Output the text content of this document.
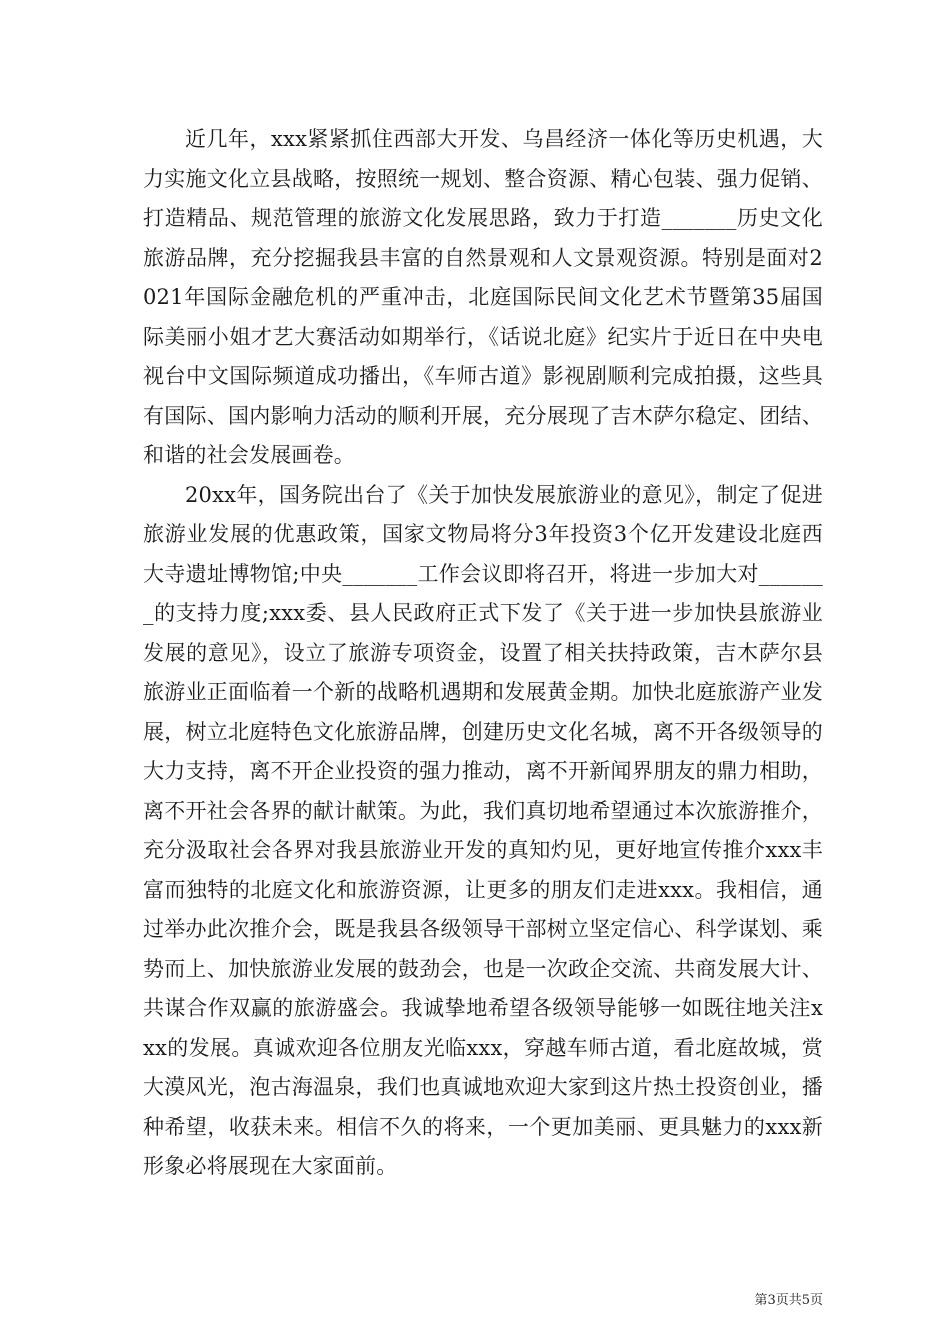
近几年，xxx紧紧抓住西部大开发、乌昌经济一体化等历史机遇，大力实施文化立县战略，按照统一规划、整合资源、精心包装、强力促销、打造精品、规范管理的旅游文化发展思路，致力于打造_______历史文化旅游品牌，充分挖掘我县丰富的自然景观和人文景观资源。特别是面对2021年国际金融危机的严重冲击，北庭国际民间文化艺术节暨第35届国际美丽小姐才艺大赛活动如期举行，《话说北庭》纪实片于近日在中央电视台中文国际频道成功播出，《车师古道》影视剧顺利完成拍摄，这些具有国际、国内影响力活动的顺利开展，充分展现了吉木萨尔稳定、团结、和谐的社会发展画卷。

20xx年，国务院出台了《关于加快发展旅游业的意见》，制定了促进旅游业发展的优惠政策，国家文物局将分3年投资3个亿开发建设北庭西大寺遗址博物馆;中央_______工作会议即将召开，将进一步加大对_______的支持力度;xxx委、县人民政府正式下发了《关于进一步加快县旅游业发展的意见》，设立了旅游专项资金，设置了相关扶持政策，吉木萨尔县旅游业正面临着一个新的战略机遇期和发展黄金期。加快北庭旅游产业发展，树立北庭特色文化旅游品牌，创建历史文化名城，离不开各级领导的大力支持，离不开企业投资的强力推动，离不开新闻界朋友的鼎力相助，离不开社会各界的献计献策。为此，我们真切地希望通过本次旅游推介，充分汲取社会各界对我县旅游业开发的真知灼见，更好地宣传推介xxx丰富而独特的北庭文化和旅游资源，让更多的朋友们走进xxx。我相信，通过举办此次推介会，既是我县各级领导干部树立坚定信心、科学谋划、乘势而上、加快旅游业发展的鼓劲会，也是一次政企交流、共商发展大计、共谋合作双赢的旅游盛会。我诚挚地希望各级领导能够一如既往地关注xxx的发展。真诚欢迎各位朋友光临xxx，穿越车师古道，看北庭故城，赏大漠风光，泡古海温泉，我们也真诚地欢迎大家到这片热土投资创业，播种希望，收获未来。相信不久的将来，一个更加美丽、更具魅力的xxx新形象必将展现在大家面前。

第3页共5页
